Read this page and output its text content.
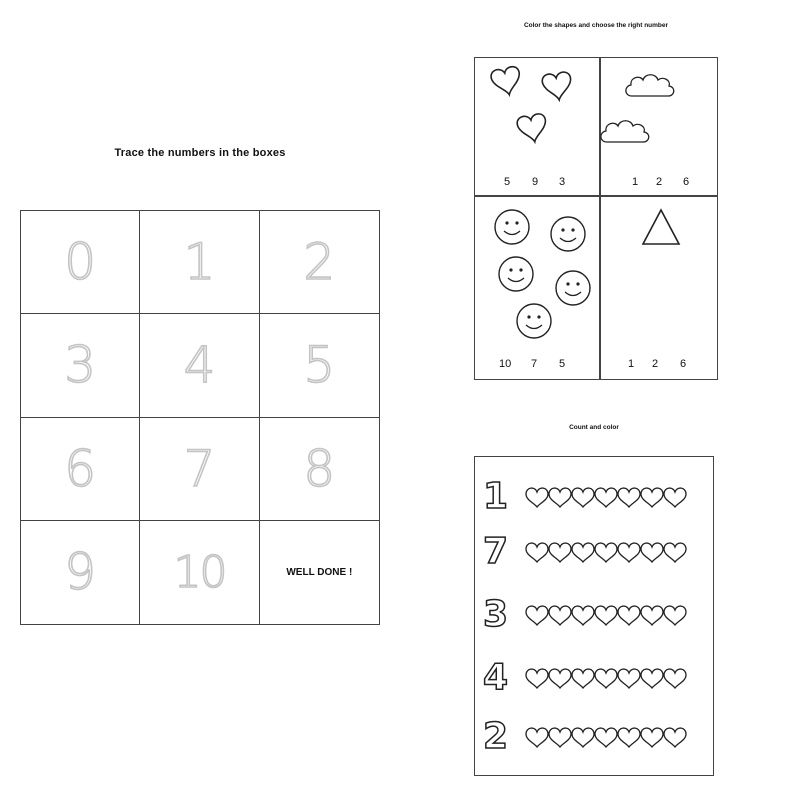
Trace the numbers in the boxes
0 1 2
3 4 5
6 7 8
9 10	WELL DONE !
Color the shapes and choose the right number
5	9	3	1	2	6
10	7	5	1	2	6
Count and color
1
7
3
4
2
